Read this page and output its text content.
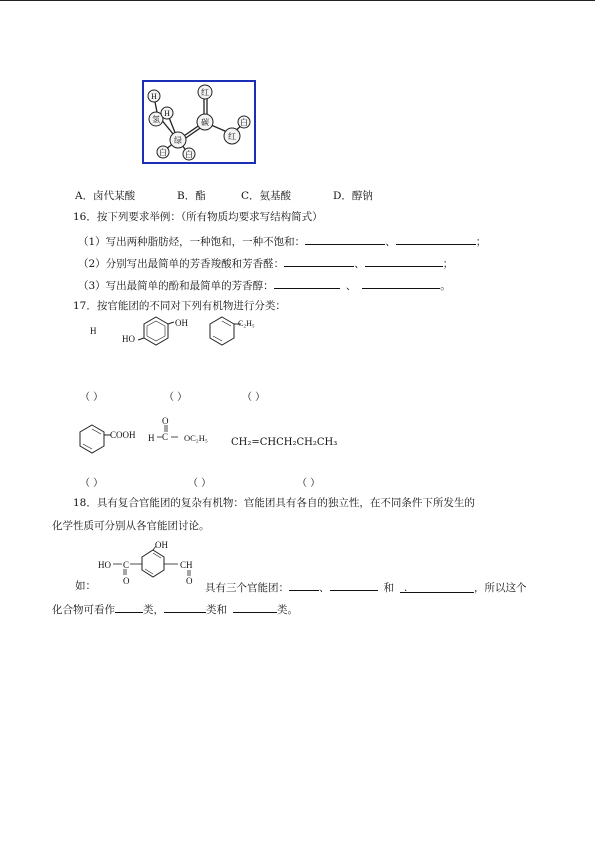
H
氢
H
绿
白 白
红
碳	白
红
A．卤代某酸	B．酯	C．氨基酸	D．醇钠
16．按下列要求举例：（所有物质均要求写结构简式）
（1）写出两种脂肪烃，一种饱和，一种不饱和：	、	；
（2）分别写出最简单的芳香羧酸和芳香醛：	、	；
（3）写出最简单的酚和最简单的芳香醇：	、	。
17．按官能团的不同对下列有机物进行分类：
H
OH
HO
C₂H₅
（ ）	（ ）	（ ）
COOH
O
H C OC₂H₅ CH₂=CHCH₂CH₂CH₃
（ ）	（ ）	（ ）
18．具有复合官能团的复杂有机物：官能团具有各自的独立性，在不同条件下所发生的
化学性质可分别从各官能团讨论。
OH
HO C
O
CH
O
如：	具有三个官能团：	、	和 .	，所以这个
化合物可看作	类，	类和	类。
